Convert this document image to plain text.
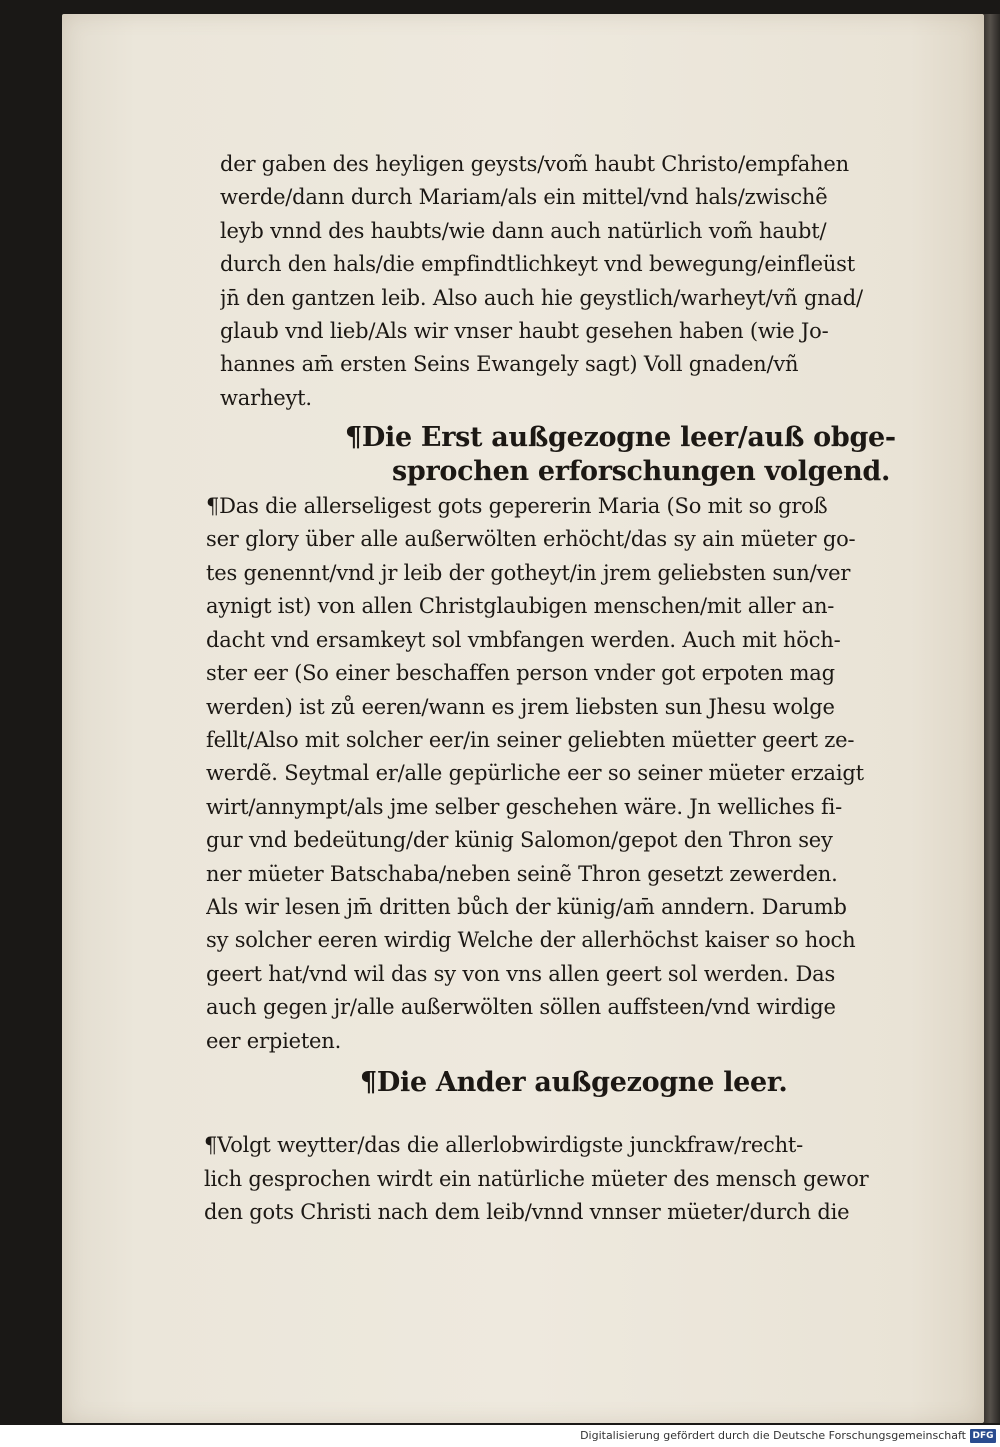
der gaben des heyligen geysts/vom̃ haubt Christo/empfahen
werde/dann durch Mariam/als ein mittel/vnd hals/zwischẽ
leyb vnnd des haubts/wie dann auch natürlich vom̃ haubt/
durch den hals/die empfindtlichkeyt vnd bewegung/einfleüst
jn̄ den gantzen leib. Also auch hie geystlich/warheyt/vñ gnad/
glaub vnd lieb/Als wir vnser haubt gesehen haben (wie Jo-
hannes am̄ ersten Seins Ewangely sagt) Voll gnaden/vñ
warheyt.
¶Die Erst außgezogne leer/auß obge-
sprochen erforschungen volgend.
¶Das die allerseligest gots gepererin Maria (So mit so groß
ser glory über alle außerwölten erhöcht/das sy ain müeter go-
tes genennt/vnd jr leib der gotheyt/in jrem geliebsten sun/ver
aynigt ist) von allen Christglaubigen menschen/mit aller an-
dacht vnd ersamkeyt sol vmbfangen werden. Auch mit höch-
ster eer (So einer beschaffen person vnder got erpoten mag
werden) ist zů eeren/wann es jrem liebsten sun Jhesu wolge
fellt/Also mit solcher eer/in seiner geliebten müetter geert ze-
werdẽ. Seytmal er/alle gepürliche eer so seiner müeter erzaigt
wirt/annympt/als jme selber geschehen wäre. Jn welliches fi-
gur vnd bedeütung/der künig Salomon/gepot den Thron sey
ner müeter Batschaba/neben seinẽ Thron gesetzt zewerden.
Als wir lesen jm̄ dritten bůch der künig/am̄ anndern. Darumb
sy solcher eeren wirdig Welche der allerhöchst kaiser so hoch
geert hat/vnd wil das sy von vns allen geert sol werden. Das
auch gegen jr/alle außerwölten söllen auffsteen/vnd wirdige
eer erpieten.
¶Die Ander außgezogne leer.
¶Volgt weytter/das die allerlobwirdigste junckfraw/recht-
lich gesprochen wirdt ein natürliche müeter des mensch gewor
den gots Christi nach dem leib/vnnd vnnser müeter/durch die
Digitalisierung gefördert durch die Deutsche Forschungsgemeinschaft DFG
